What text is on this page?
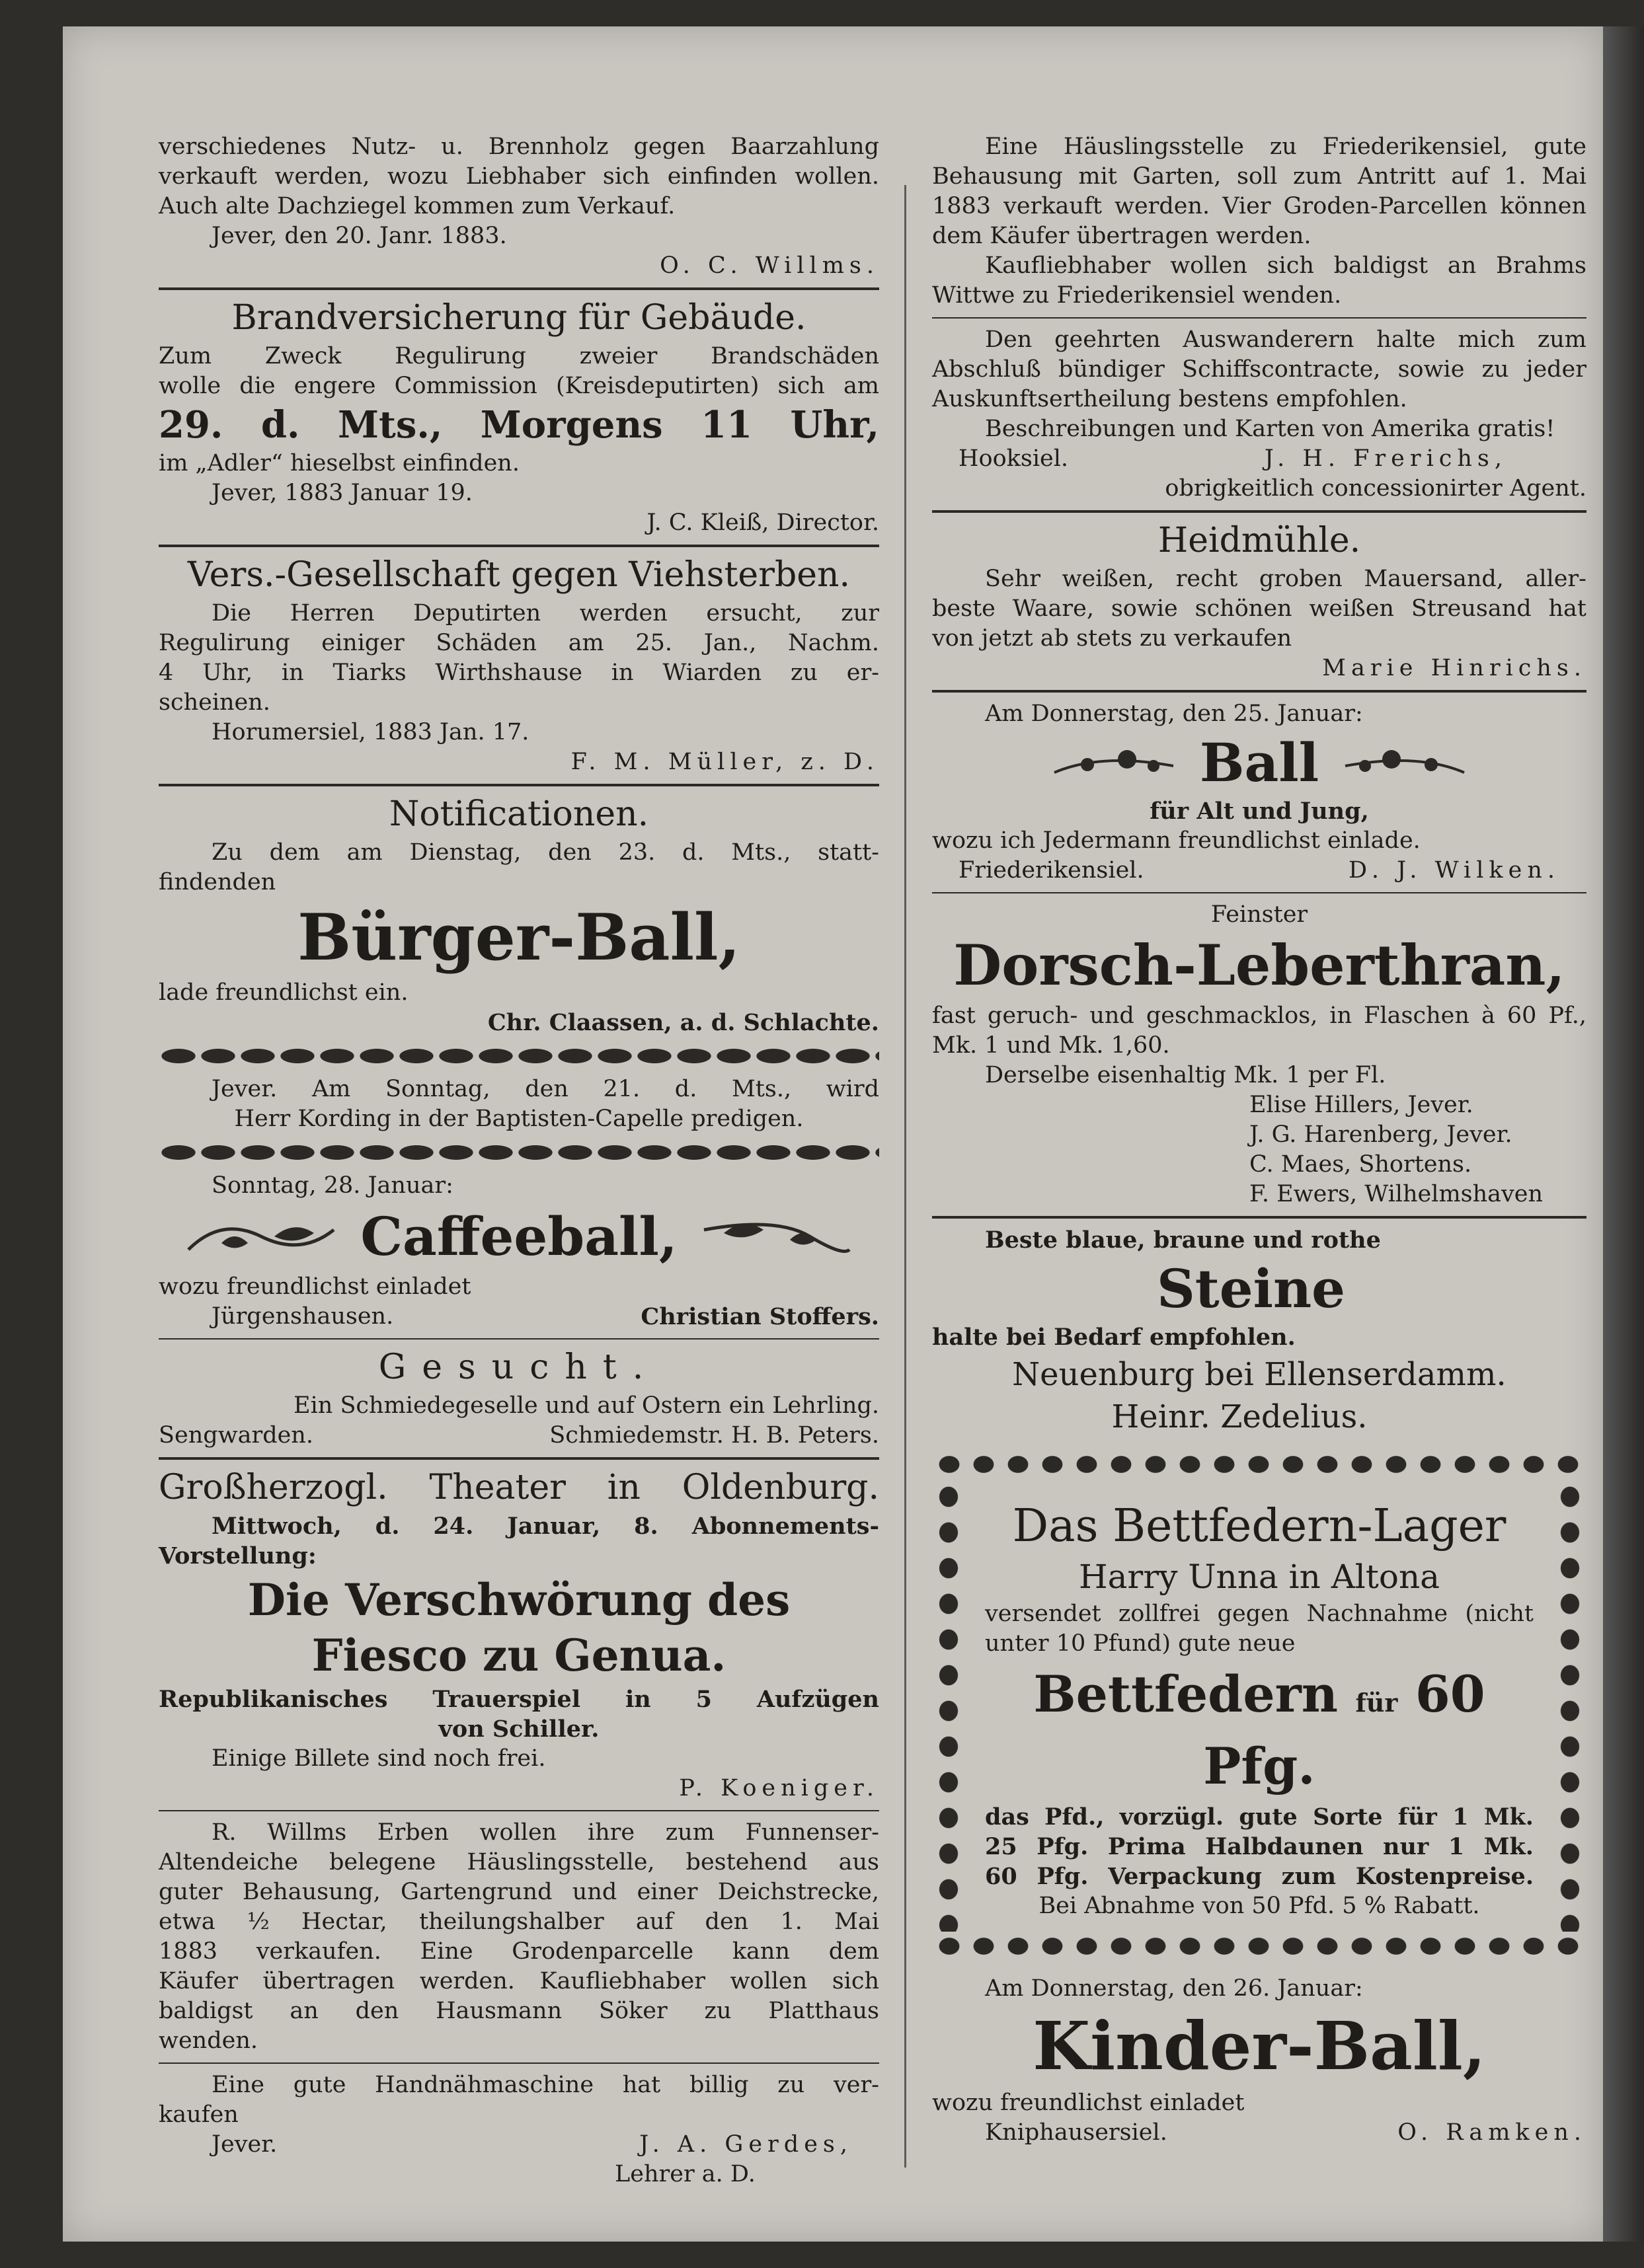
verschiedenes Nutz- u. Brennholz gegen Baarzahlung

verkauft werden, wozu Liebhaber sich einfinden wollen.

Auch alte Dachziegel kommen zum Verkauf.

Jever, den 20. Janr. 1883.

O. C. Willms.

Brandversicherung für Gebäude.

Zum Zweck Regulirung zweier Brandschäden

wolle die engere Commission (Kreisdeputirten) sich am

29. d. Mts., Morgens 11 Uhr,

im „Adler“ hieselbst einfinden.

Jever, 1883 Januar 19.

J. C. Kleiß, Director.

Vers.-Gesellschaft gegen Viehsterben.

Die Herren Deputirten werden ersucht, zur

Regulirung einiger Schäden am 25. Jan., Nachm.

4 Uhr, in Tiarks Wirthshause in Wiarden zu er-

scheinen.

Horumersiel, 1883 Jan. 17.

F. M. Müller, z. D.

Notificationen.

Zu dem am Dienstag, den 23. d. Mts., statt-

findenden

Bürger-Ball,

lade freundlichst ein.

Chr. Claassen, a. d. Schlachte.

Jever. Am Sonntag, den 21. d. Mts., wird

Herr Kording in der Baptisten-Capelle predigen.

Sonntag, 28. Januar:

Caffeeball,

wozu freundlichst einladet

Jürgenshausen.	Christian Stoffers.

Gesucht.

Ein Schmiedegeselle und auf Ostern ein Lehrling.

Sengwarden.	Schmiedemstr. H. B. Peters.

Großherzogl. Theater in Oldenburg.

Mittwoch, d. 24. Januar, 8. Abonnements-

Vorstellung:

Die Verschwörung des

Fiesco zu Genua.

Republikanisches Trauerspiel in 5 Aufzügen

von Schiller.

Einige Billete sind noch frei.

P. Koeniger.

R. Willms Erben wollen ihre zum Funnenser-

Altendeiche belegene Häuslingsstelle, bestehend aus

guter Behausung, Gartengrund und einer Deichstrecke,

etwa ½ Hectar, theilungshalber auf den 1. Mai

1883 verkaufen. Eine Grodenparcelle kann dem

Käufer übertragen werden. Kaufliebhaber wollen sich

baldigst an den Hausmann Söker zu Platthaus

wenden.

Eine gute Handnähmaschine hat billig zu ver-

kaufen

Jever.	J. A. Gerdes,

Lehrer a. D.

Eine Häuslingsstelle zu Friederikensiel, gute

Behausung mit Garten, soll zum Antritt auf 1. Mai

1883 verkauft werden. Vier Groden-Parcellen können

dem Käufer übertragen werden.

Kaufliebhaber wollen sich baldigst an Brahms

Wittwe zu Friederikensiel wenden.

Den geehrten Auswanderern halte mich zum

Abschluß bündiger Schiffscontracte, sowie zu jeder

Auskunftsertheilung bestens empfohlen.

Beschreibungen und Karten von Amerika gratis!

Hooksiel.	J. H. Frerichs,

obrigkeitlich concessionirter Agent.

Heidmühle.

Sehr weißen, recht groben Mauersand, aller-

beste Waare, sowie schönen weißen Streusand hat

von jetzt ab stets zu verkaufen

Marie Hinrichs.

Am Donnerstag, den 25. Januar:

Ball

für Alt und Jung,

wozu ich Jedermann freundlichst einlade.

Friederikensiel.	D. J. Wilken.

Feinster

Dorsch-Leberthran,

fast geruch- und geschmacklos, in Flaschen à 60 Pf.,

Mk. 1 und Mk. 1,60.

Derselbe eisenhaltig Mk. 1 per Fl.

Elise Hillers, Jever.

J. G. Harenberg, Jever.

C. Maes, Shortens.

F. Ewers, Wilhelmshaven

Beste blaue, braune und rothe

Steine

halte bei Bedarf empfohlen.

Neuenburg bei Ellenserdamm.

Heinr. Zedelius.

Das Bettfedern-Lager

Harry Unna in Altona

versendet zollfrei gegen Nachnahme (nicht

unter 10 Pfund) gute neue

Bettfedern für 60 Pfg.

das Pfd., vorzügl. gute Sorte für 1 Mk.

25 Pfg. Prima Halbdaunen nur 1 Mk.

60 Pfg. Verpackung zum Kostenpreise.

Bei Abnahme von 50 Pfd. 5 % Rabatt.

Am Donnerstag, den 26. Januar:

Kinder-Ball,

wozu freundlichst einladet

Kniphausersiel.	O. Ramken.
